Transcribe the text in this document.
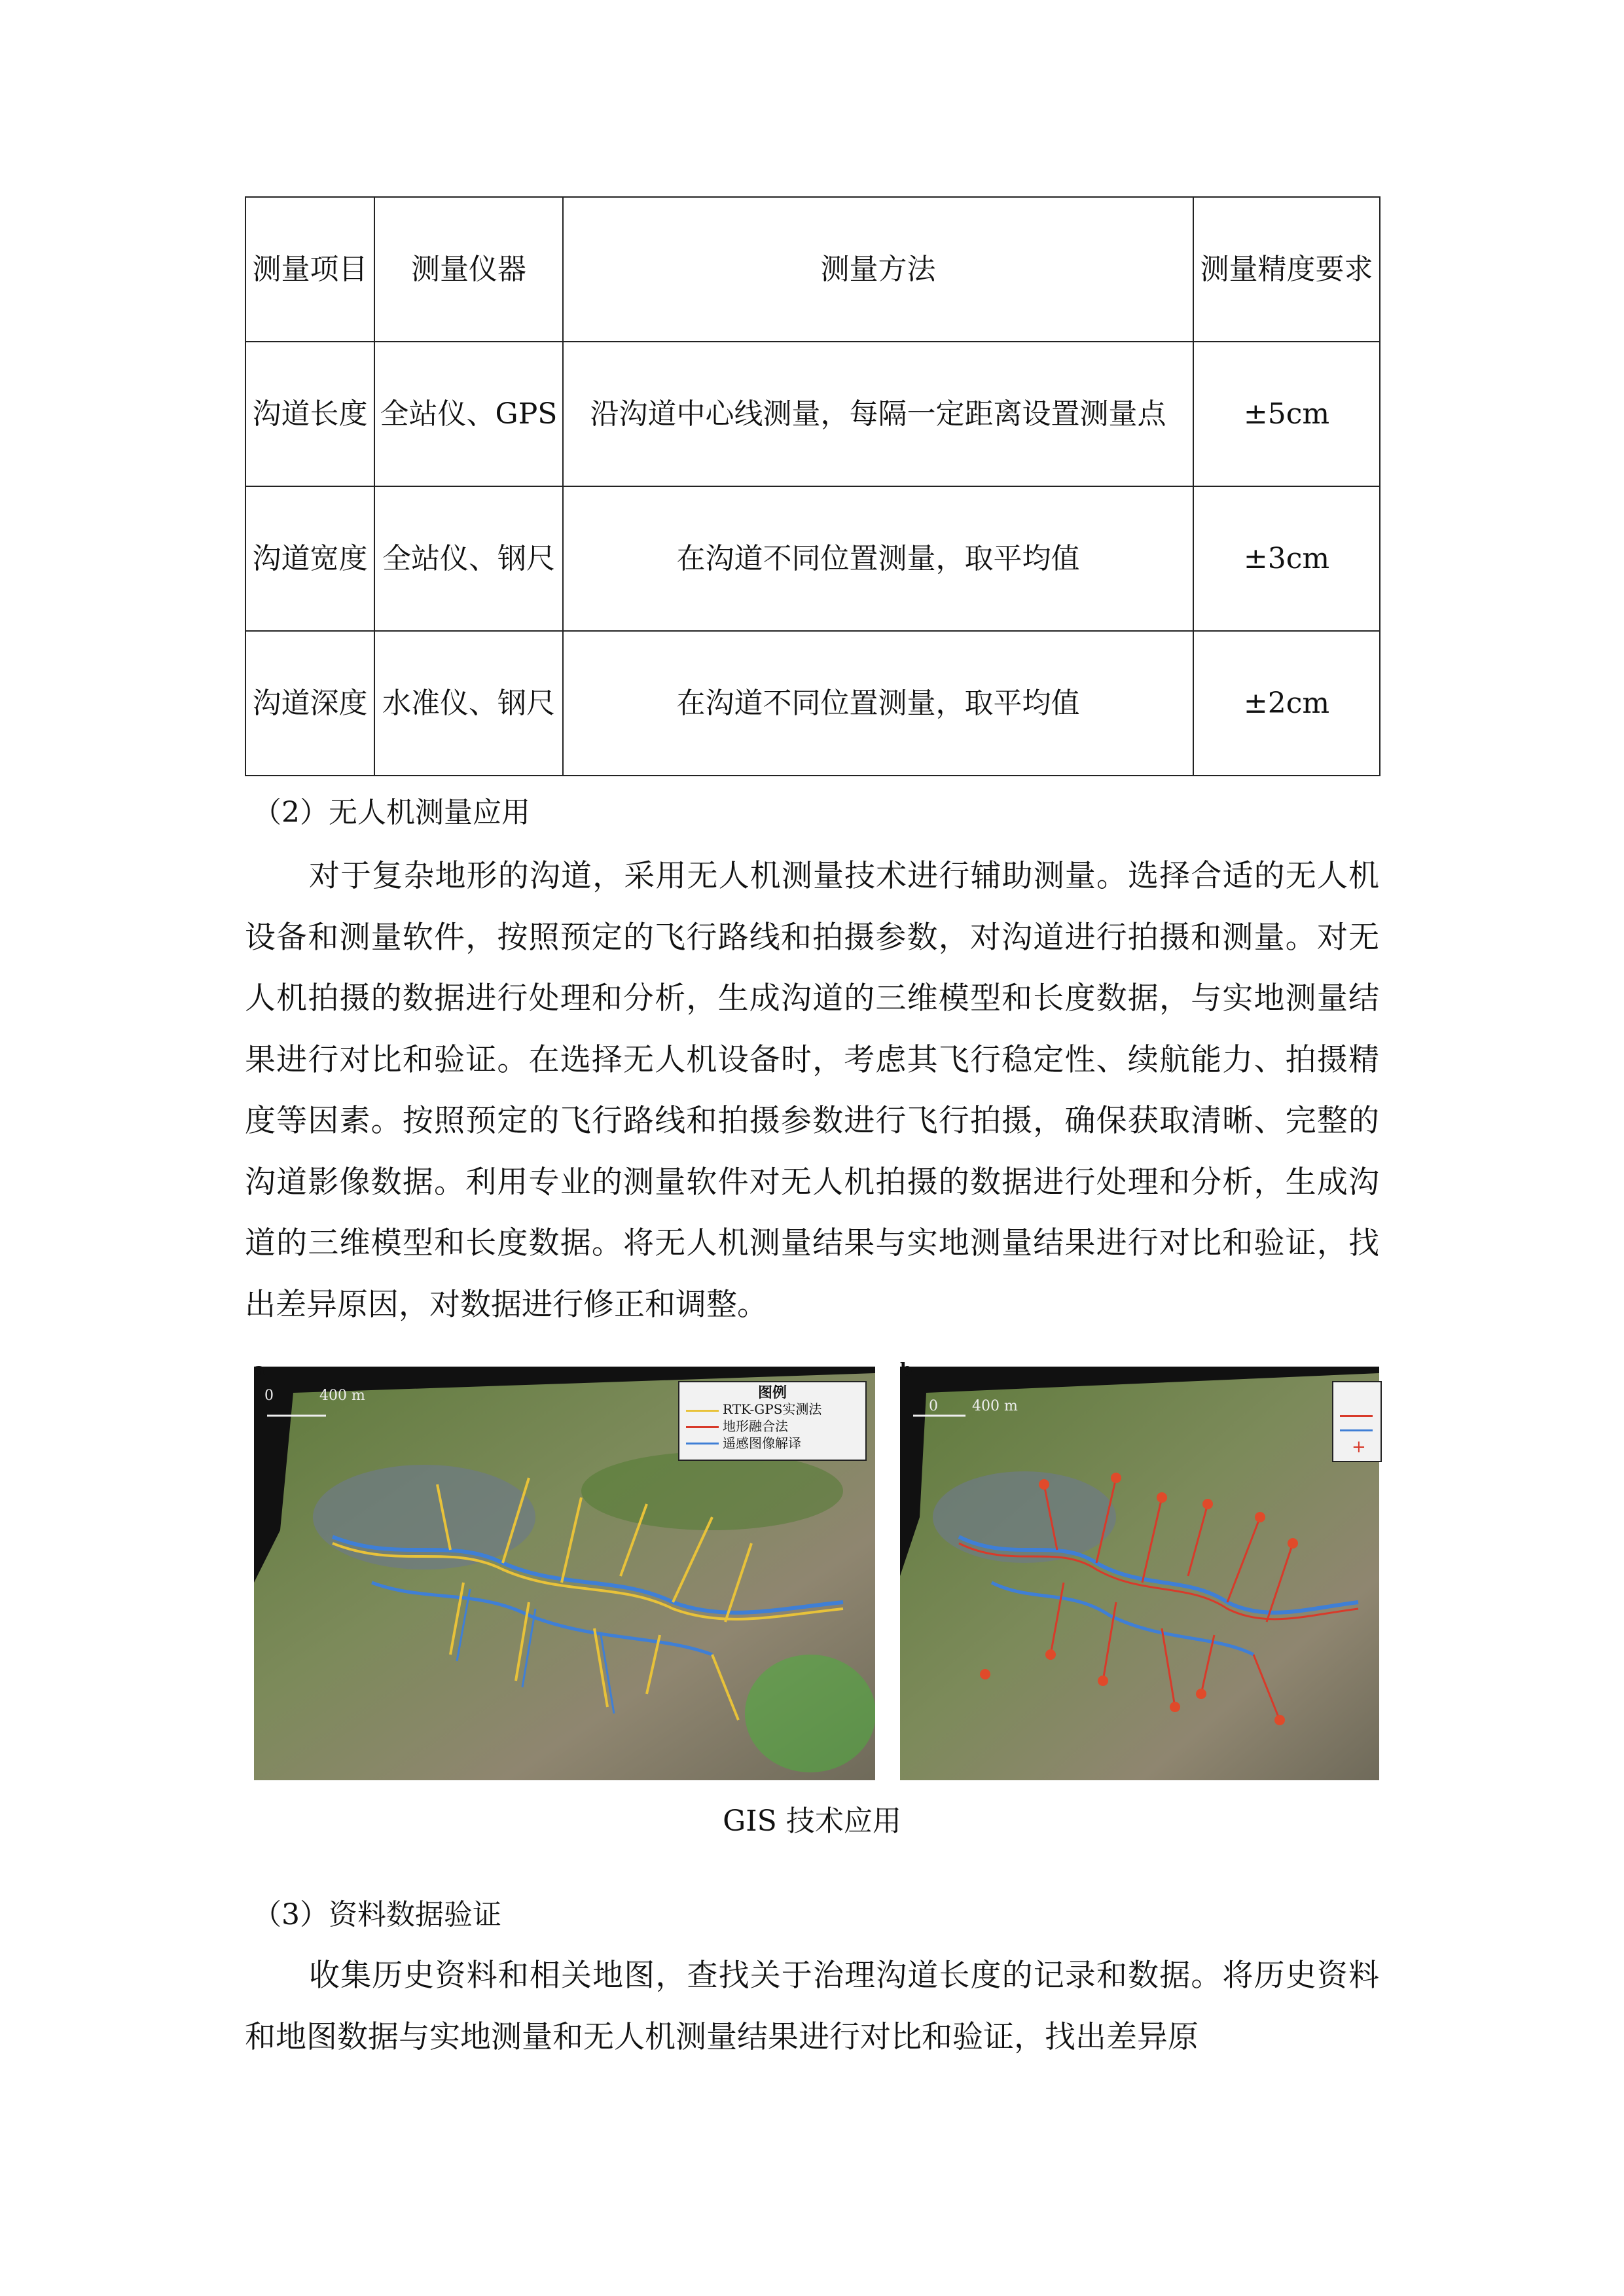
测量项目	测量仪器	测量方法	测量精度要求
沟道长度	全站仪、GPS	沿沟道中心线测量，每隔一定距离设置测量点	±5cm
沟道宽度	全站仪、钢尺	在沟道不同位置测量，取平均值	±3cm
沟道深度	水准仪、钢尺	在沟道不同位置测量，取平均值	±2cm
（2）无人机测量应用

对于复杂地形的沟道，采用无人机测量技术进行辅助测量。选择合适的无人机设备和测量软件，按照预定的飞行路线和拍摄参数，对沟道进行拍摄和测量。对无人机拍摄的数据进行处理和分析，生成沟道的三维模型和长度数据，与实地测量结果进行对比和验证。在选择无人机设备时，考虑其飞行稳定性、续航能力、拍摄精度等因素。按照预定的飞行路线和拍摄参数进行飞行拍摄，确保获取清晰、完整的沟道影像数据。利用专业的测量软件对无人机拍摄的数据进行处理和分析，生成沟道的三维模型和长度数据。将无人机测量结果与实地测量结果进行对比和验证，找出差异原因，对数据进行修正和调整。

a
0	400 m	图例
RTK-GPS实测法
地形融合法
遥感图像解译
b
0 400 m
+
GIS 技术应用
（3）资料数据验证

收集历史资料和相关地图，查找关于治理沟道长度的记录和数据。将历史资料和地图数据与实地测量和无人机测量结果进行对比和验证，找出差异原
